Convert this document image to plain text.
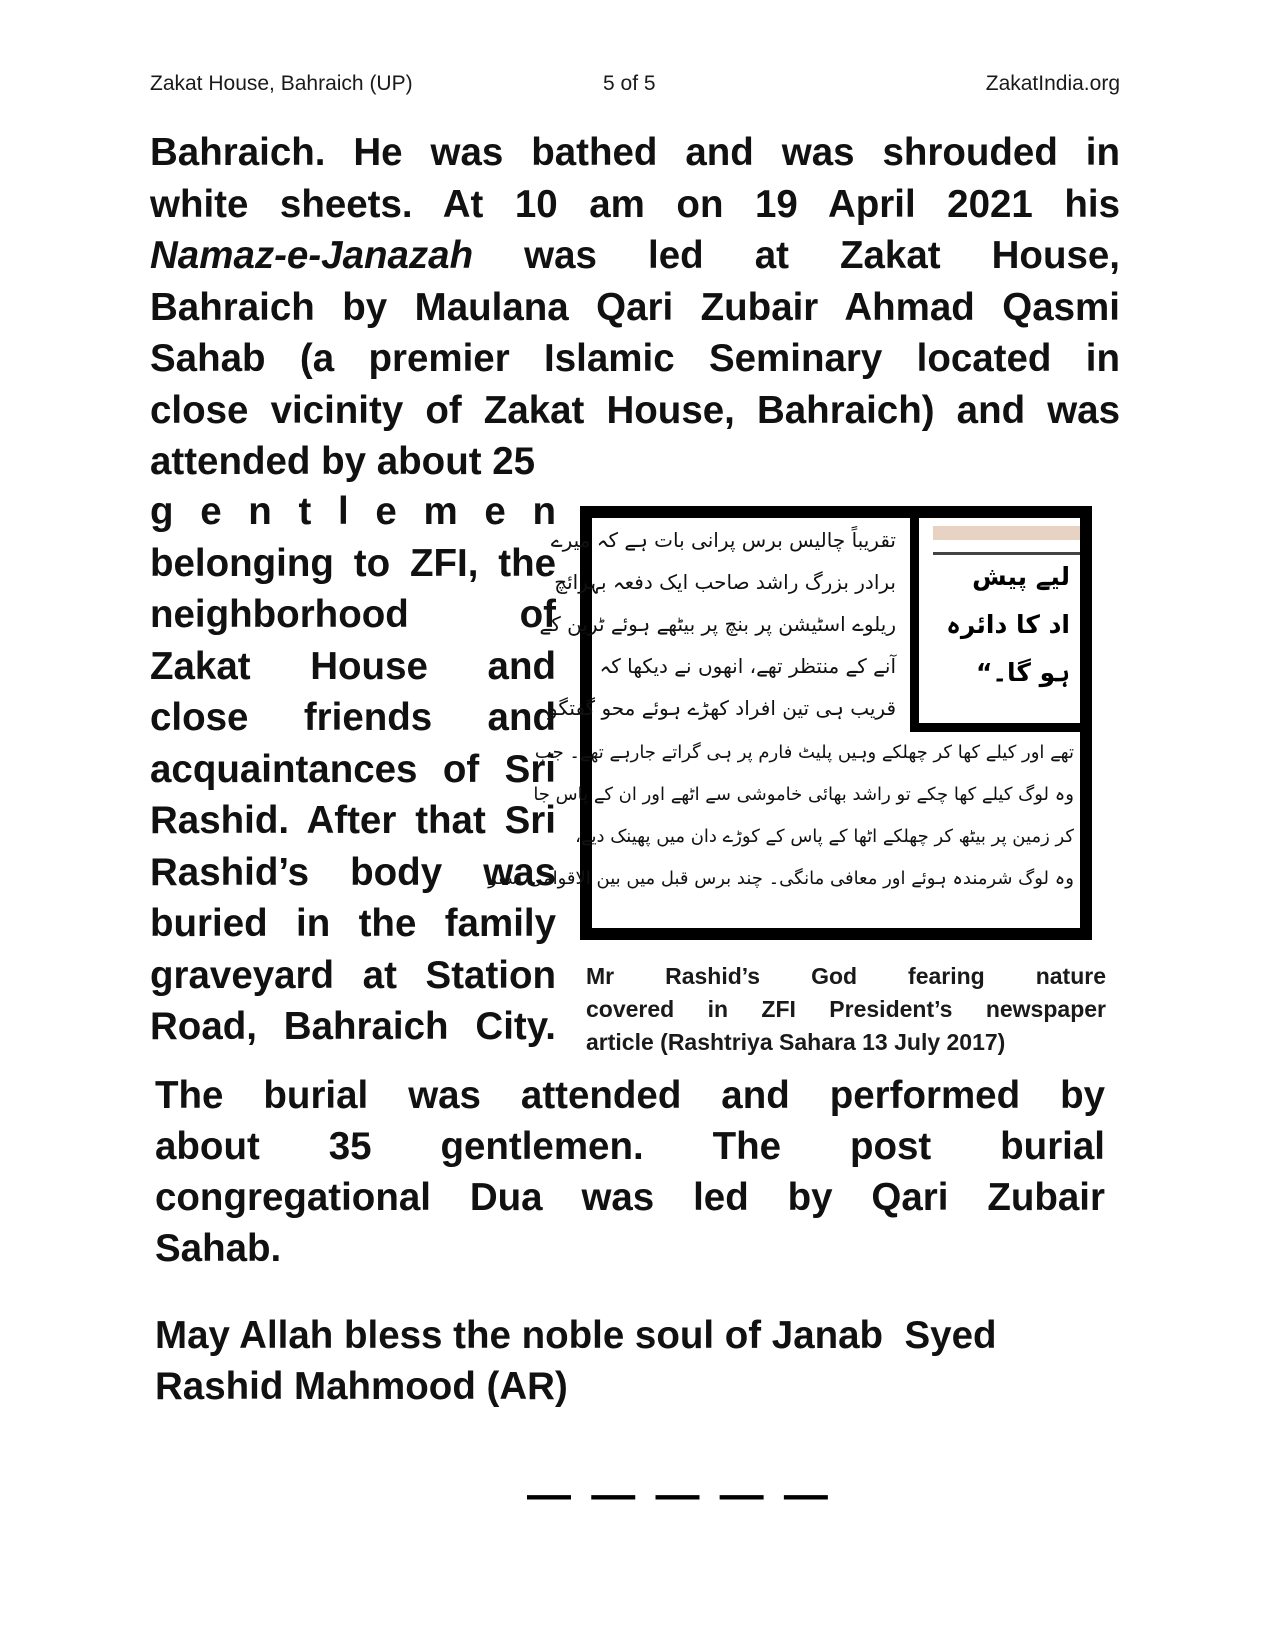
Zakat House, Bahraich (UP)	5 of 5	ZakatIndia.org
Bahraich. He was bathed and was shrouded in
white sheets. At 10 am on 19 April 2021 his
Namaz-e-Janazah was led at Zakat House,
Bahraich by Maulana Qari Zubair Ahmad Qasmi
Sahab (a premier Islamic Seminary located in
close vicinity of Zakat House, Bahraich) and was
attended by about 25
g e n t l e m e n
belonging to ZFI, the
neighborhood of
Zakat House and
close friends and
acquaintances of Sri
Rashid. After that Sri
Rashid’s body was
buried in the family
graveyard at Station
Road, Bahraich City.
لیے پیش
اد کا دائرہ
ہو گا۔“
تقریباً چالیس برس پرانی بات ہے کہ میرے
برادر بزرگ راشد صاحب ایک دفعہ بہرائچ
ریلوے اسٹیشن پر بنچ پر بیٹھے ہوئے ٹرین کے
آنے کے منتظر تھے، انھوں نے دیکھا کہ
قریب ہی تین افراد کھڑے ہوئے محو گفتگو
تھے اور کیلے کھا کر چھلکے وہیں پلیٹ فارم پر ہی گراتے جارہے تھے۔ جب
وہ لوگ کیلے کھا چکے تو راشد بھائی خاموشی سے اٹھے اور ان کے پاس جا
کر زمین پر بیٹھ کر چھلکے اٹھا کے پاس کے کوڑے دان میں پھینک دیے،
وہ لوگ شرمندہ ہوئے اور معافی مانگی۔ چند برس قبل میں بین الاقوامی سفر
Mr Rashid’s God fearing nature
covered in ZFI President’s newspaper
article (Rashtriya Sahara 13 July 2017)
The burial was attended and performed by
about 35 gentlemen. The post burial
congregational Dua was led by Qari Zubair
Sahab.
May Allah bless the noble soul of Janab  Syed
Rashid Mahmood (AR)
— — — — —
